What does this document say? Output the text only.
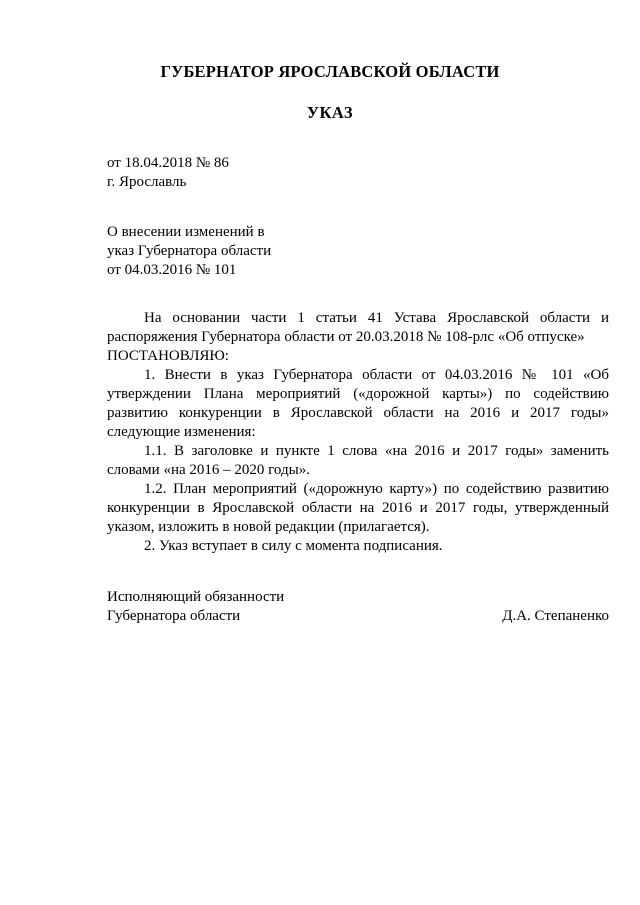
ГУБЕРНАТОР ЯРОСЛАВСКОЙ ОБЛАСТИ
УКАЗ
от 18.04.2018 № 86
г. Ярославль
О внесении изменений в
указ Губернатора области
от 04.03.2016 № 101

На основании части 1 статьи 41 Устава Ярославской области и распоряжения Губернатора области от 20.03.2018 № 108-рлс «Об отпуске»

ПОСТАНОВЛЯЮ:

1. Внести в указ Губернатора области от 04.03.2016 № 101 «Об утверждении Плана мероприятий («дорожной карты») по содействию развитию конкуренции в Ярославской области на 2016 и 2017 годы» следующие изменения:

1.1. В заголовке и пункте 1 слова «на 2016 и 2017 годы» заменить словами «на 2016 – 2020 годы».

1.2. План мероприятий («дорожную карту») по содействию развитию конкуренции в Ярославской области на 2016 и 2017 годы, утвержденный указом, изложить в новой редакции (прилагается).

2. Указ вступает в силу с момента подписания.

Исполняющий обязанности
Губернатора области	Д.А. Степаненко
